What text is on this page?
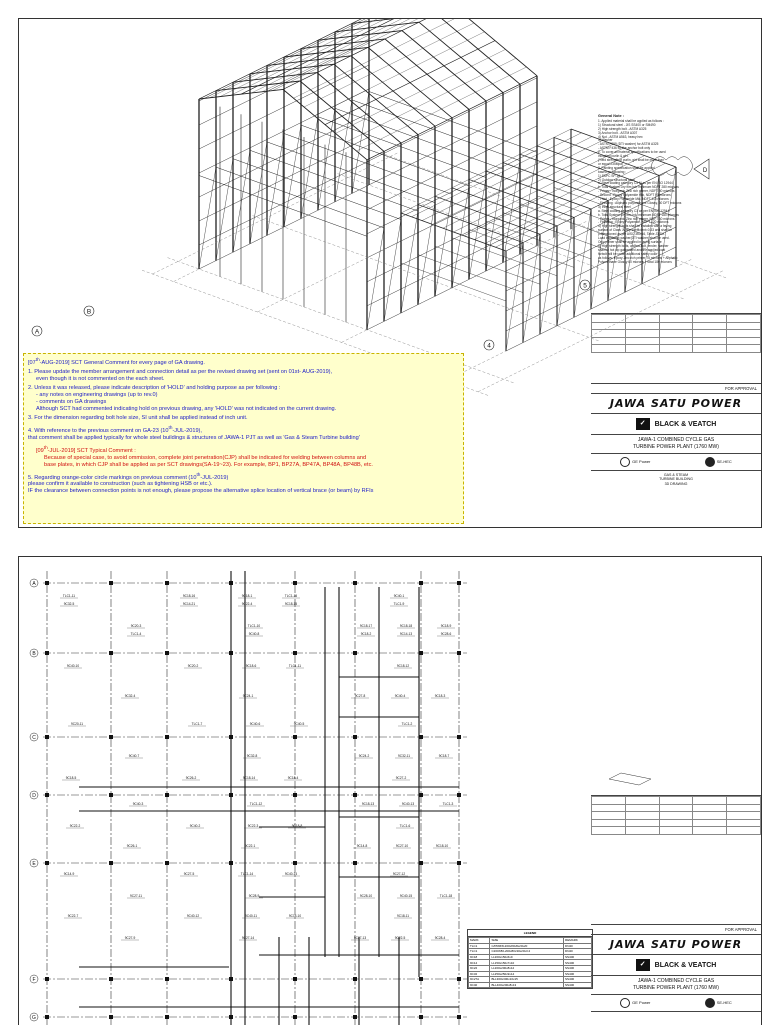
A
B
4
5
D
General Note :
1. Applied material shall be applied as follows :
1) Structural steel - JIS SS400 or SM490
2) High strength bolt - ASTM A325
3) Anchor bolt - ASTM A307
4) Nut - ASTM A563, heavy hex
5) Washer
- ASTM F959 (DTI washer) for ASTM A325
- ASTM F436 for the anchor bolt only
2. To cover all material specifications to be used
including purlin & girt.
(Yield strength of purlin, girt shall be more than
or equal 235Mpa)
3. Painting specification shall be applied
based on following :
1) SSPC SP-10
2) Outdoor structural steel
a. Steel coating category C5 M as per EN ISO 12944
b. Total System Dry film Ink, minimum NDFT 280 microns
- Primer : Inorganic Zinc rich primer, NDFT 80 microns
- Second : Epoxy Polyamide Mio, NDFT 90 microns
- Third : Epoxy Polyamide Mio, NDFT 110 microns
- Finishing : Aliphatic polyurethane Glossy, 60 DFT microns
3) Inner structural steel
a. Steel coating category C3 as per EN ISO 12944
b. Total System Dry film Ink, minimum NDFT 180 microns
- Primer : Inorganic Zinc rich primer, NDFT 60 microns
- Finishing : Epoxy Polyamide, NDFT 120 microns
4) High strength bolts shall be installed with a faying
surface of Class 'A' slip coefficient=0.33 and shall be
pretensioned as per AISC 360-16, Table J3.1M.
Load indicating washer(DTI washer) shall be used.
Only primer shall be applied in faying surface
5) High strength bolts, anchor bolt, fender, washer
shall be hot dip galvanized and the applied coat
forbolt will be under additional safety color
as follows: Epoxy Zinc rich primer 75 microns + Aliphatic
Polyurethane Glossy 60 microns + total 180 microns

[07th-AUG-2019] SCT General Comment for every page of GA drawing.

1. Please update the member arrangement and connection detail as per the revised drawing set (sent on 01st- AUG-2019),
even though it is not commented on the each sheet.

2. Unless it was released, please indicate description of 'HOLD' and holding purpose as per following :
- any notes on engineering drawings (up to rev.0)
- comments on GA drawings
Although SCT had commented indicating hold on previous drawing, any 'HOLD' was not indicated on the current drawing.

3. For the dimension regarding bolt hole size, SI unit shall be applied instead of inch unit.

4. With reference to the previous comment on GA-23 (10th-JUL-2019),
that comment shall be applied typically for whole steel buildings & structures of JAWA-1 PJT as well as 'Gas & Steam Turbine building'

[09th-JUL-2019] SCT Typical Comment :
Because of special case, to avoid ommission, complete joint penetration(CJP) shall be indicated for welding between columns and
base plates, in which CJP shall be applied as per SCT drawings(SA-19~23). For example, BP1, BP27A, BP47A, BP48A, BP48B, etc.

5. Regarding orange-color circle markings on previous comment (10th-JUL-2019)
please confirm it available to construction (such as tightening HSB or etc.).
IF the clearance between connection points is not enough, please propose the alternative splice location of vertical brace (or beam) by RFIs

FOR APPROVAL
JAWA SATU POWER
✓	BLACK & VEATCH
JAWA-1 COMBINED CYCLE GAS
TURBINE POWER PLANT (1760 MW)
GE Power	SE-HEC
GAS & STEAM
TURBINE BUILDING
3D DRAWING
A
B
C
D
E
F
G
TLC1-11	9C18-16	9C18-1	TLC1-15	9C40-1
9C20-3	TLC1-10	9C18-17	9C18-18	9C18-9
9C40-10	9C20-2	9C18-6	TLC1-11	9C18-12
9C32-4	9C24-1	9C27-8	9C40-4	9C18-3
9C20-11	TLC1-7	9C40-6	9C40-5	TLC1-2
9C40-7	9C32-8	9C24-2	9C32-11	9C18-7
9C18-5	9C26-2	9C18-14	9C18-4	9C27-2
9C40-3	TLC1-12	9C18-13	9C40-13	TLC1-3
9C22-2	9C40-2	9C22-3	9C18-8	TLC1-6
9C26-1	9C22-1	9C14-8	9C27-10	9C18-10
9C14-9	9C27-5	TLC1-14	9C40-14	9C27-12
9C27-11	9C28-9	9C28-10	9C40-15	TLC1-18
9C22-7	9C40-12	9C40-11	9C14-10	9C18-11
9C27-9	9C27-14	9C27-13	9C22-5	9C28-4
9C32-5	9C14-21	9C22-4	9C18-15	TLC1-9
TLC1-4	9C40-8	9C18-2	9C14-13	9C28-6

LEGEND
MARK	SIZE	REMARK
TLC1	C/PRM/8-200x80x8x20x20	DN40
TLC1	C200X80-200x80x30x20x3.2	DN40
9C18	H-200x150x6x9	SS400
9C14	H-150x150x7x10	SS400
9C22	H-200x200x8x12	SS400
9C32	H-250x250x9x14	SS400
9C27A	BH-300x300x10x15	SS400
9C40	BH-400x200x8x13	SS400
FOR APPROVAL
JAWA SATU POWER
✓	BLACK & VEATCH
JAWA-1 COMBINED CYCLE GAS
TURBINE POWER PLANT (1760 MW)
GE Power	SE-HEC
